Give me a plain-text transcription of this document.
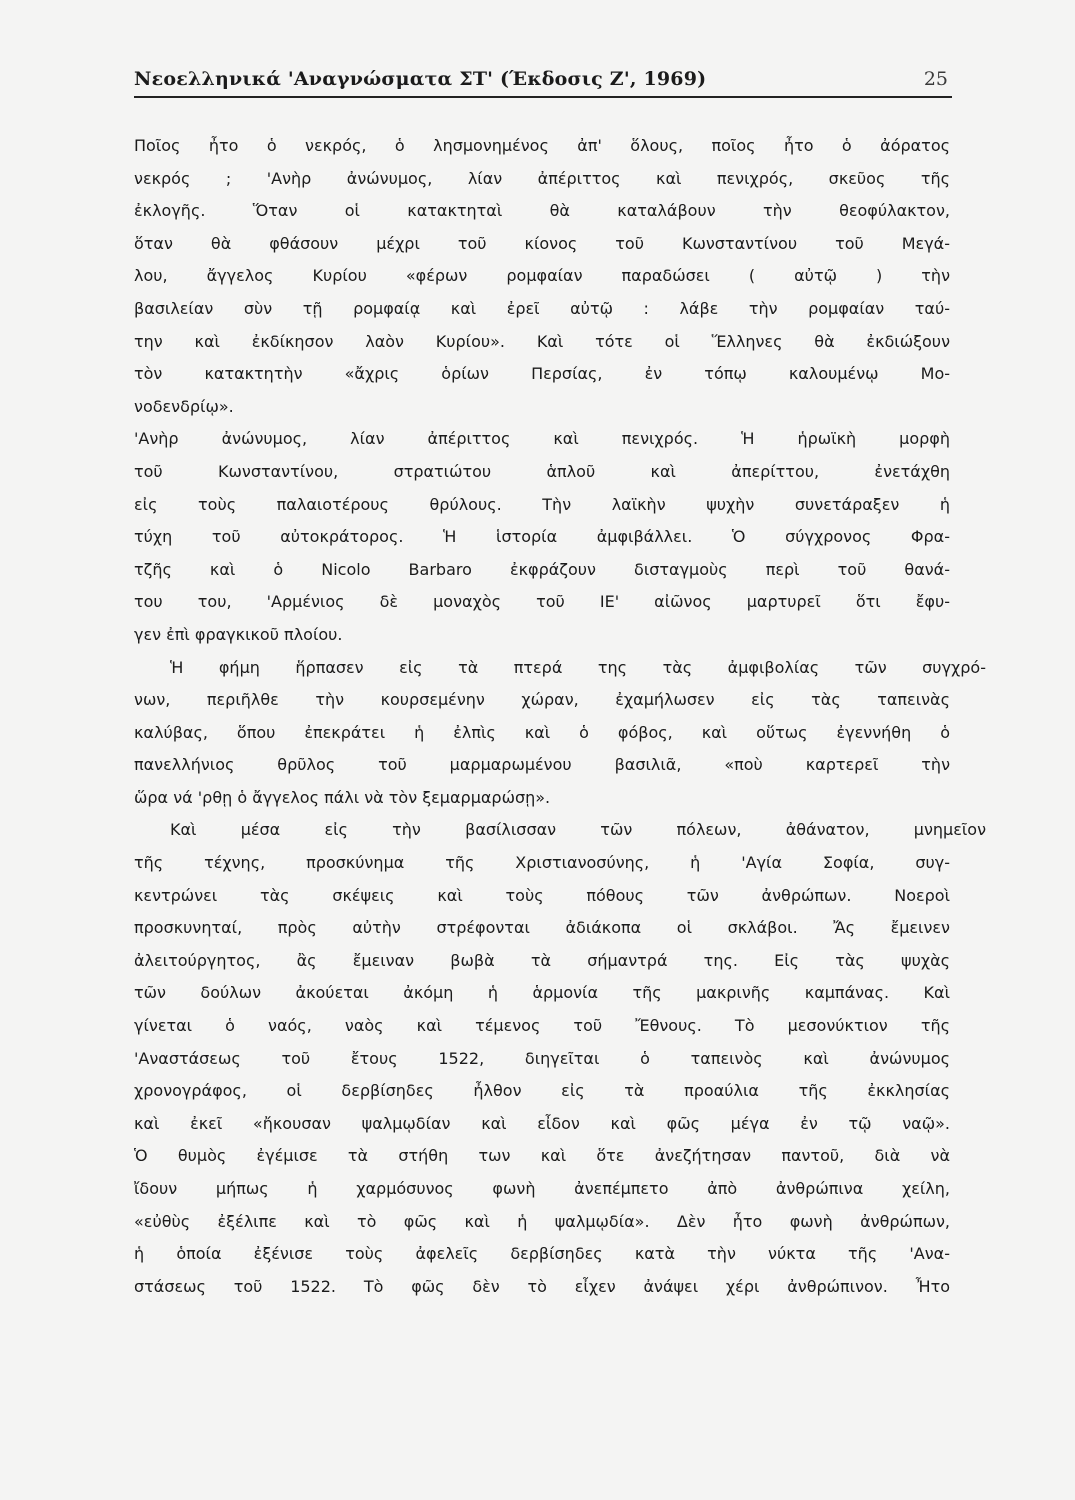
Νεοελληνικά 'Αναγνώσματα ΣΤ' (Έκδοσις Ζ', 1969)	25
Ποῖος ἦτο ὁ νεκρός, ὁ λησμονημένος ἀπ' ὅλους, ποῖος ἦτο ὁ ἀόρατος
νεκρός ; 'Ανὴρ ἀνώνυμος, λίαν ἀπέριττος καὶ πενιχρός, σκεῦος τῆς
ἐκλογῆς. Ὅταν οἱ κατακτηταὶ θὰ καταλάβουν τὴν θεοφύλακτον,
ὅταν θὰ φθάσουν μέχρι τοῦ κίονος τοῦ Κωνσταντίνου τοῦ Μεγά-
λου, ἄγγελος Κυρίου «φέρων ρομφαίαν παραδώσει ( αὐτῷ ) τὴν
βασιλείαν σὺν τῇ ρομφαίᾳ καὶ ἐρεῖ αὐτῷ : λάβε τὴν ρομφαίαν ταύ-
την καὶ ἐκδίκησον λαὸν Κυρίου». Καὶ τότε οἱ Ἕλληνες θὰ ἐκδιώξουν
τὸν κατακτητὴν «ἄχρις ὁρίων Περσίας, ἐν τόπῳ καλουμένῳ Μο-
νοδενδρίῳ».
'Ανὴρ ἀνώνυμος, λίαν ἀπέριττος καὶ πενιχρός. Ἡ ἡρωϊκὴ μορφὴ
τοῦ Κωνσταντίνου, στρατιώτου ἁπλοῦ καὶ ἀπερίττου, ἐνετάχθη
εἰς τοὺς παλαιοτέρους θρύλους. Τὴν λαϊκὴν ψυχὴν συνετάραξεν ἡ
τύχη τοῦ αὐτοκράτορος. Ἡ ἱστορία ἀμφιβάλλει. Ὁ σύγχρονος Φρα-
τζῆς καὶ ὁ Nicolo Barbaro ἐκφράζουν δισταγμοὺς περὶ τοῦ θανά-
του του, 'Αρμένιος δὲ μοναχὸς τοῦ ΙΕ' αἰῶνος μαρτυρεῖ ὅτι ἔφυ-
γεν ἐπὶ φραγκικοῦ πλοίου.
Ἡ φήμη ἥρπασεν εἰς τὰ πτερά της τὰς ἀμφιβολίας τῶν συγχρό-
νων, περιῆλθε τὴν κουρσεμένην χώραν, ἐχαμήλωσεν εἰς τὰς ταπεινὰς
καλύβας, ὅπου ἐπεκράτει ἡ ἐλπὶς καὶ ὁ φόβος, καὶ οὕτως ἐγεννήθη ὁ
πανελλήνιος θρῦλος τοῦ μαρμαρωμένου βασιλιᾶ, «ποὺ καρτερεῖ τὴν
ὥρα νά 'ρθῃ ὁ ἄγγελος πάλι νὰ τὸν ξεμαρμαρώσῃ».
Καὶ μέσα εἰς τὴν βασίλισσαν τῶν πόλεων, ἀθάνατον, μνημεῖον
τῆς τέχνης, προσκύνημα τῆς Χριστιανοσύνης, ἡ 'Αγία Σοφία, συγ-
κεντρώνει τὰς σκέψεις καὶ τοὺς πόθους τῶν ἀνθρώπων. Νοεροὶ
προσκυνηταί, πρὸς αὐτὴν στρέφονται ἀδιάκοπα οἱ σκλάβοι. Ἄς ἔμεινεν
ἀλειτούργητος, ἂς ἔμειναν βωβὰ τὰ σήμαντρά της. Εἰς τὰς ψυχὰς
τῶν δούλων ἀκούεται ἀκόμη ἡ ἁρμονία τῆς μακρινῆς καμπάνας. Καὶ
γίνεται ὁ ναός, ναὸς καὶ τέμενος τοῦ Ἔθνους. Τὸ μεσονύκτιον τῆς
'Αναστάσεως τοῦ ἔτους 1522, διηγεῖται ὁ ταπεινὸς καὶ ἀνώνυμος
χρονογράφος, οἱ δερβίσηδες ἦλθον εἰς τὰ προαύλια τῆς ἐκκλησίας
καὶ ἐκεῖ «ἤκουσαν ψαλμῳδίαν καὶ εἶδον καὶ φῶς μέγα ἐν τῷ ναῷ».
Ὁ θυμὸς ἐγέμισε τὰ στήθη των καὶ ὅτε ἀνεζήτησαν παντοῦ, διὰ νὰ
ἴδουν μήπως ἡ χαρμόσυνος φωνὴ ἀνεπέμπετο ἀπὸ ἀνθρώπινα χείλη,
«εὐθὺς ἐξέλιπε καὶ τὸ φῶς καὶ ἡ ψαλμῳδία». Δὲν ἦτο φωνὴ ἀνθρώπων,
ἡ ὁποία ἐξένισε τοὺς ἀφελεῖς δερβίσηδες κατὰ τὴν νύκτα τῆς 'Ανα-
στάσεως τοῦ 1522. Τὸ φῶς δὲν τὸ εἶχεν ἀνάψει χέρι ἀνθρώπινον. Ἦτο
